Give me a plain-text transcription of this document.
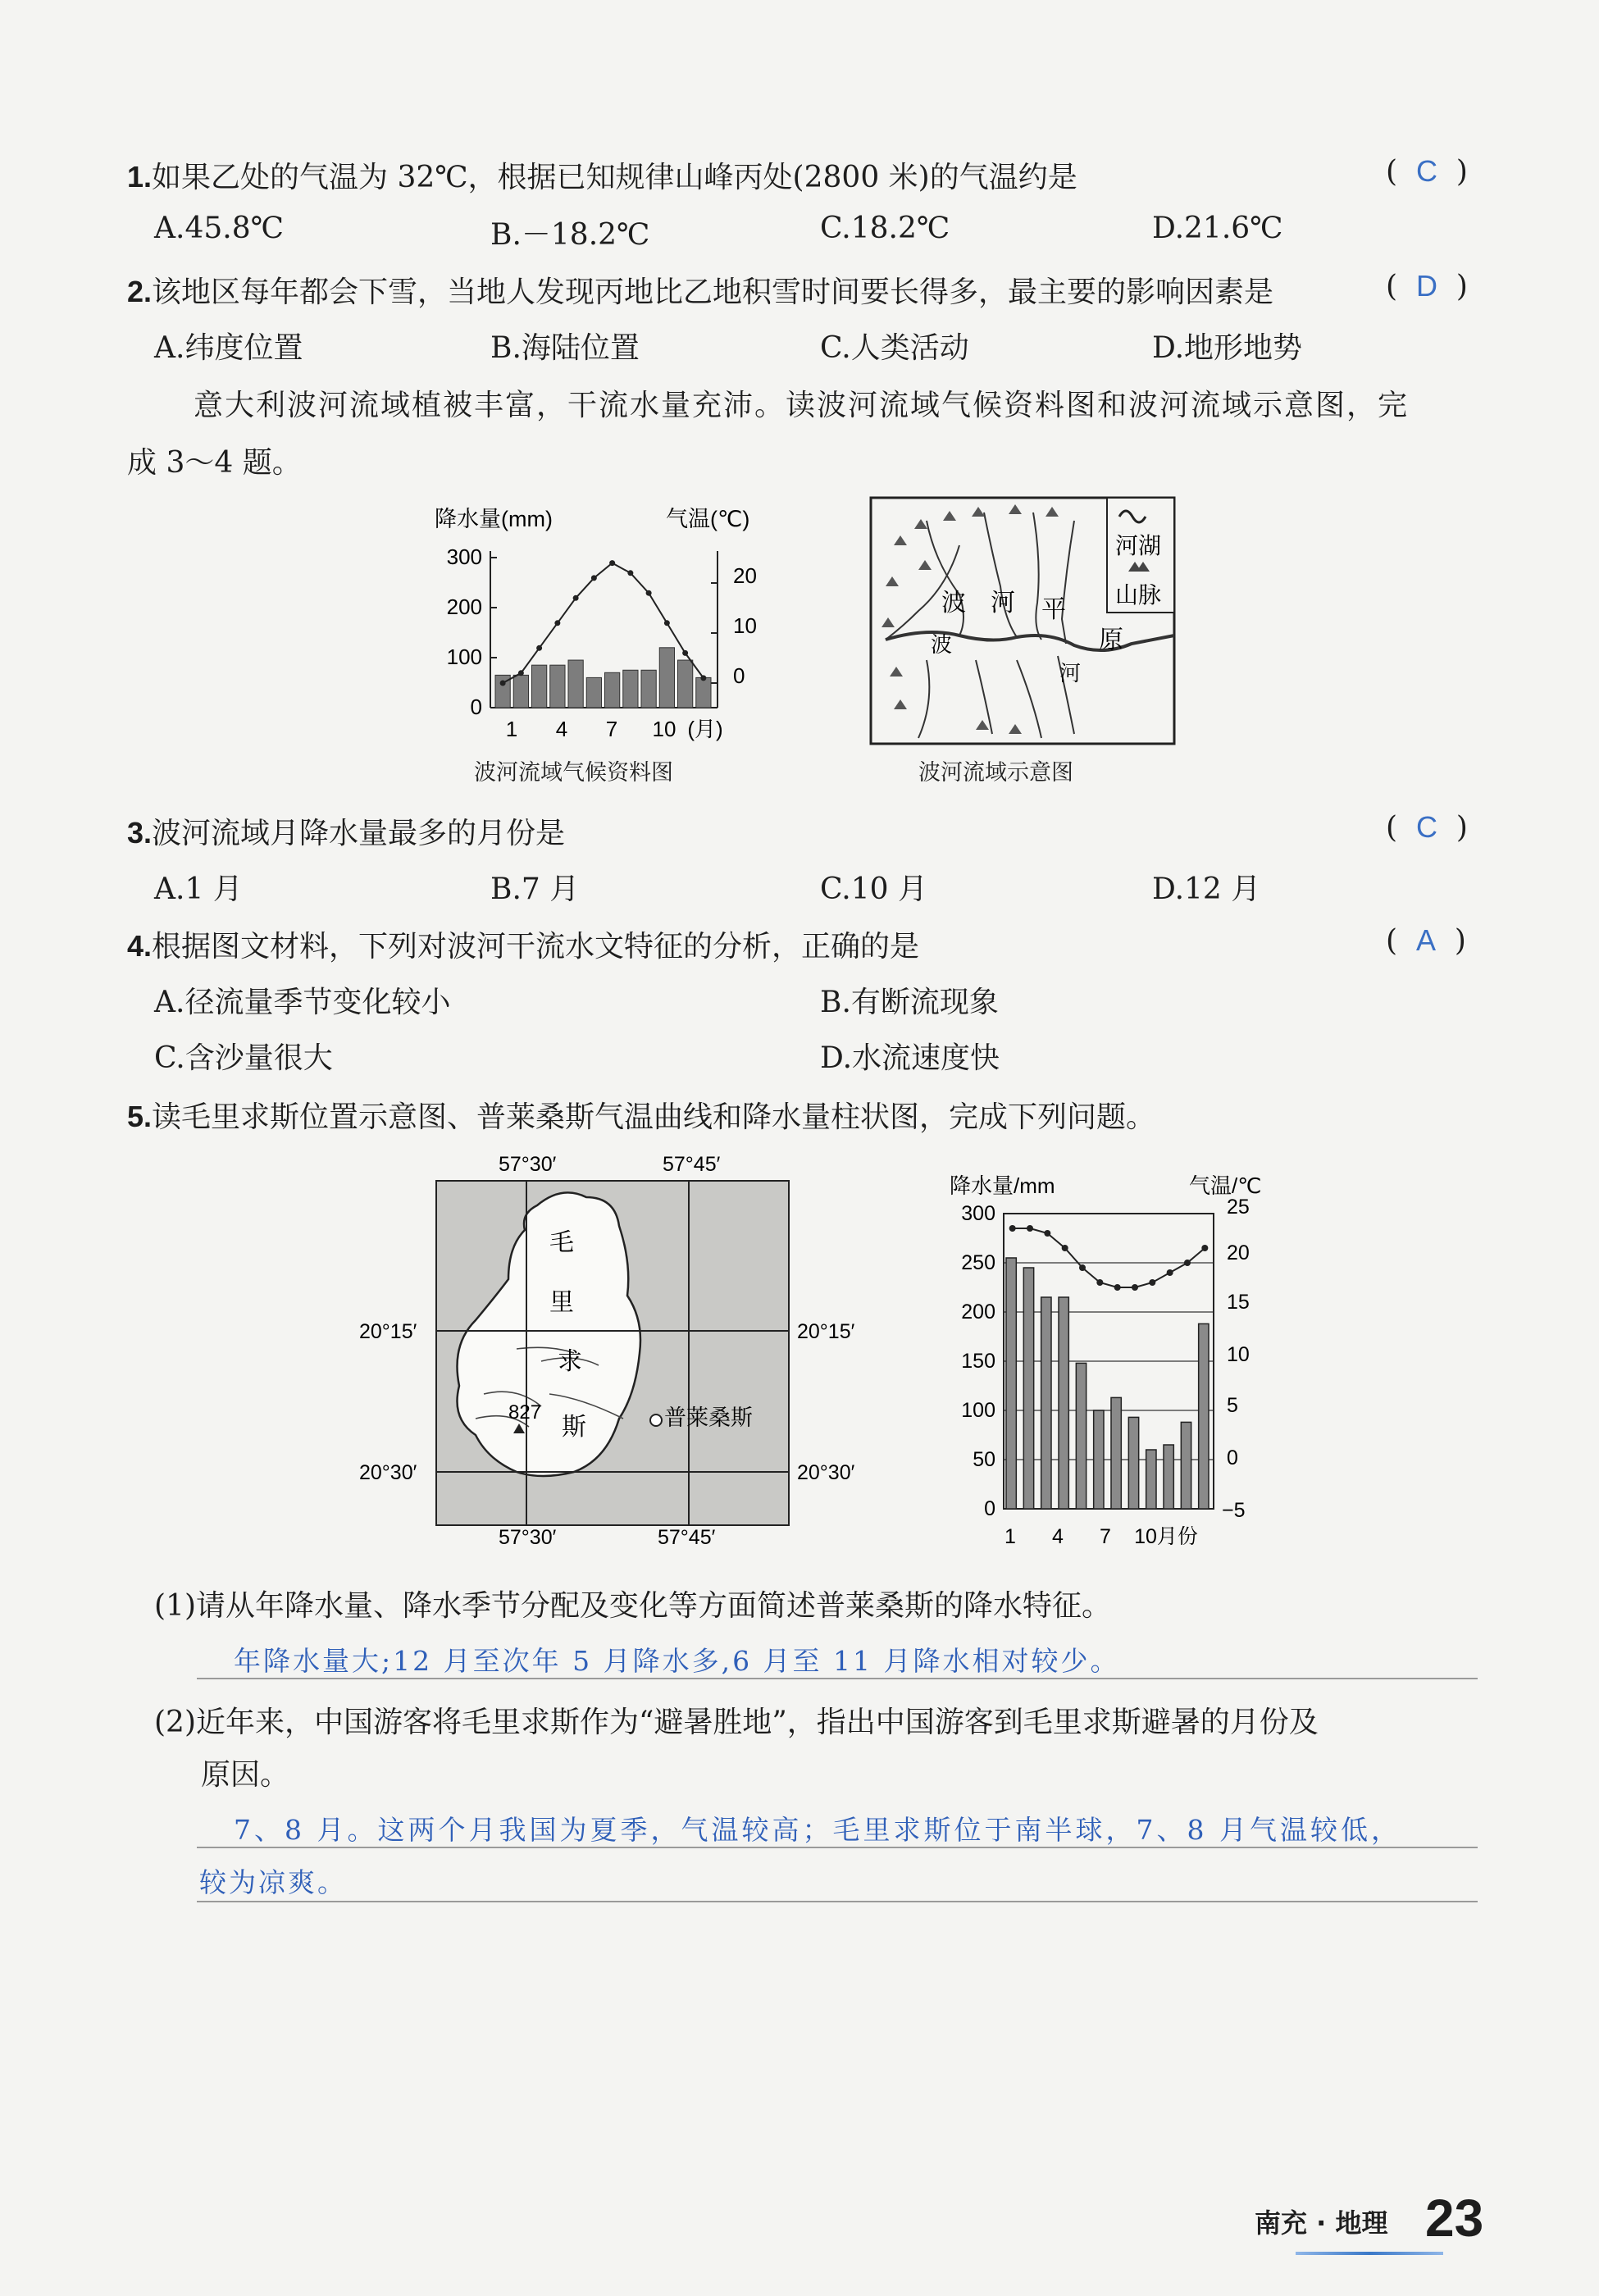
1.如果乙处的气温为 32℃，根据已知规律山峰丙处(2800 米)的气温约是	(  C  )
A.45.8℃	B.－18.2℃	C.18.2℃	D.21.6℃
2.该地区每年都会下雪，当地人发现丙地比乙地积雪时间要长得多，最主要的影响因素是	(  D  )
A.纬度位置	B.海陆位置	C.人类活动	D.地形地势
意大利波河流域植被丰富，干流水量充沛。读波河流域气候资料图和波河流域示意图，完
成 3～4 题。
降水量(mm)	气温(℃)
300
200
100
0
20
10
0
1 4 7 10 (月)
波河流域气候资料图
河湖
山脉
波 河 平
原
波
河
波河流域示意图
3.波河流域月降水量最多的月份是	(  C  )
A.1 月	B.7 月	C.10 月	D.12 月
4.根据图文材料，下列对波河干流水文特征的分析，正确的是	(  A  )
A.径流量季节变化较小	B.有断流现象
C.含沙量很大	D.水流速度快
5.读毛里求斯位置示意图、普莱桑斯气温曲线和降水量柱状图，完成下列问题。
57°30′	57°45′
20°15′
20°30′
20°15′
20°30′
毛
里
求
斯
827	普莱桑斯
57°30′	57°45′
降水量/mm	气温/℃
300
250
200
150
100
50
0
25
20
15
10
5
0
−5
1 4 7 10月份
(1)请从年降水量、降水季节分配及变化等方面简述普莱桑斯的降水特征。
年降水量大;12 月至次年 5 月降水多,6 月至 11 月降水相对较少。
(2)近年来，中国游客将毛里求斯作为“避暑胜地”，指出中国游客到毛里求斯避暑的月份及
原因。
7、8 月。这两个月我国为夏季，气温较高；毛里求斯位于南半球，7、8 月气温较低，
较为凉爽。
南充 · 地理 23
